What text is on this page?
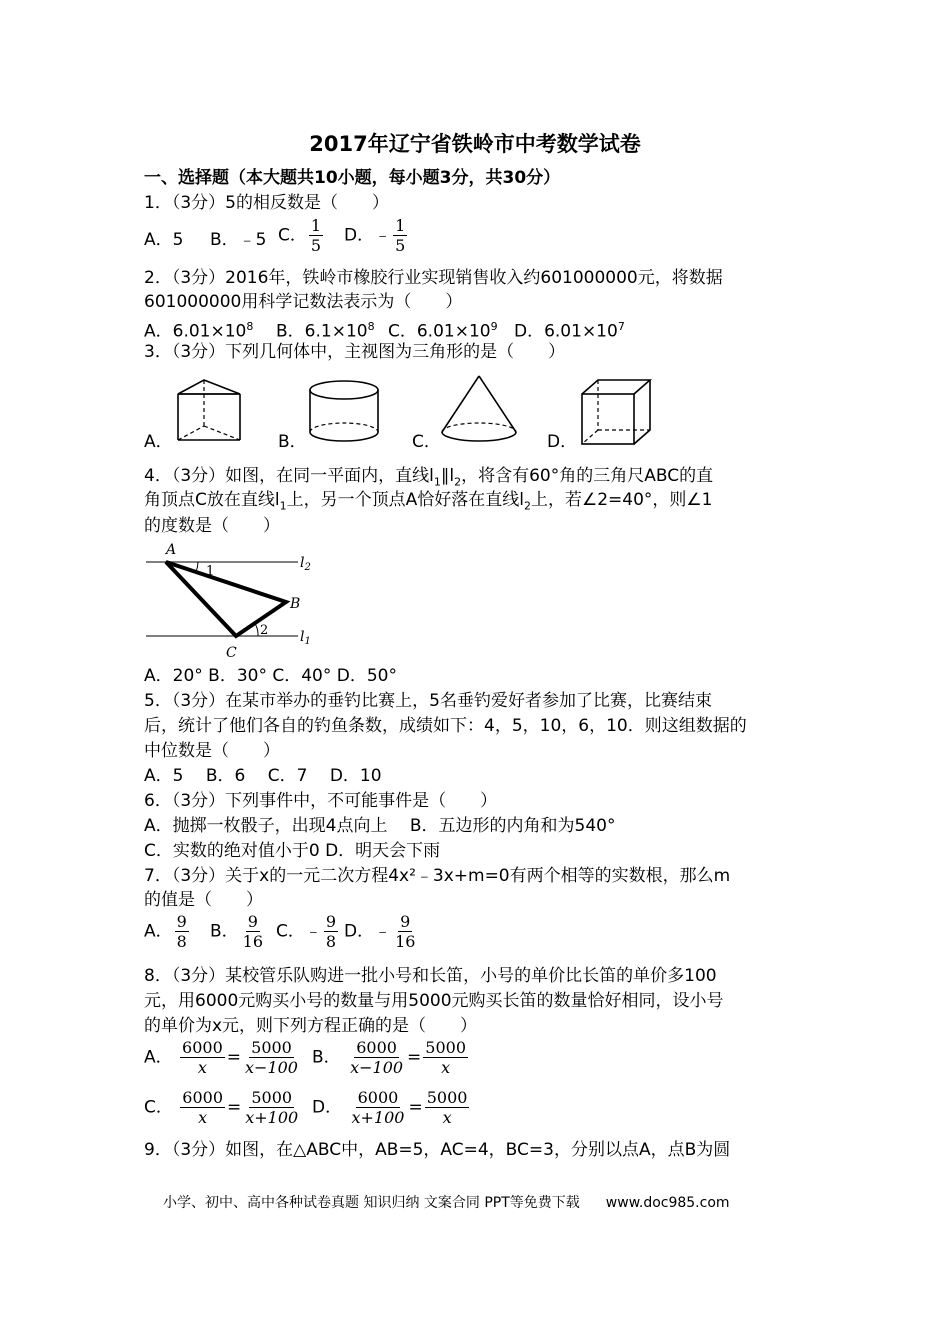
2017年辽宁省铁岭市中考数学试卷
一、选择题（本大题共10小题，每小题3分，共30分）
1．（3分）5的相反数是（　　）
A．5 B．﹣5 C． $\frac{1}{5}$ D．﹣ $\frac{1}{5}$
2．（3分）2016年，铁岭市橡胶行业实现销售收入约601000000元，将数据
601000000用科学记数法表示为（　　）
A．$6.01\times 10^8$ B．$6.1\times 10^8$ C．$6.01\times 10^9$ D．$6.01\times 10^7$
3．（3分）下列几何体中，主视图为三角形的是（　　）
A．	B．	C．	D．
4．（3分）如图，在同一平面内，直线$l_1\parallel l_2$，将含有60°角的三角尺ABC的直
角顶点C放在直线$l_1$上，另一个顶点A恰好落在直线$l_2$上，若∠2=40°，则∠1
的度数是（　　）
A
B
C
$l_2$
$l_1$
1
2
A．20° B．30° C．40° D．50°
5．（3分）在某市举办的垂钓比赛上，5名垂钓爱好者参加了比赛，比赛结束
后，统计了他们各自的钓鱼条数，成绩如下：4，5，10，6，10．则这组数据的
中位数是（　　）
A．5　 B．6　 C．7　 D．10
6．（3分）下列事件中，不可能事件是（　　）
A．抛掷一枚骰子，出现4点向上　 B．五边形的内角和为540°
C．实数的绝对值小于0 D．明天会下雨
7．（3分）关于x的一元二次方程4x²﹣3x+m=0有两个相等的实数根，那么m
的值是（　　）
A． $\frac{9}{8}$ B． $\frac{9}{16}$ C．﹣ $\frac{9}{8}$ D．﹣ $\frac{9}{16}$
8．（3分）某校管乐队购进一批小号和长笛，小号的单价比长笛的单价多100
元，用6000元购买小号的数量与用5000元购买长笛的数量恰好相同，设小号
的单价为x元，则下列方程正确的是（　　）
A． $\frac{6000}{x} = \frac{5000}{x-100}$ B． $\frac{6000}{x-100} = \frac{5000}{x}$
C． $\frac{6000}{x} = \frac{5000}{x+100}$ D． $\frac{6000}{x+100} = \frac{5000}{x}$
9．（3分）如图，在△ABC中，AB=5，AC=4，BC=3，分别以点A，点B为圆
小学、初中、高中各种试卷真题 知识归纳 文案合同 PPT等免费下载 www.doc985.com
